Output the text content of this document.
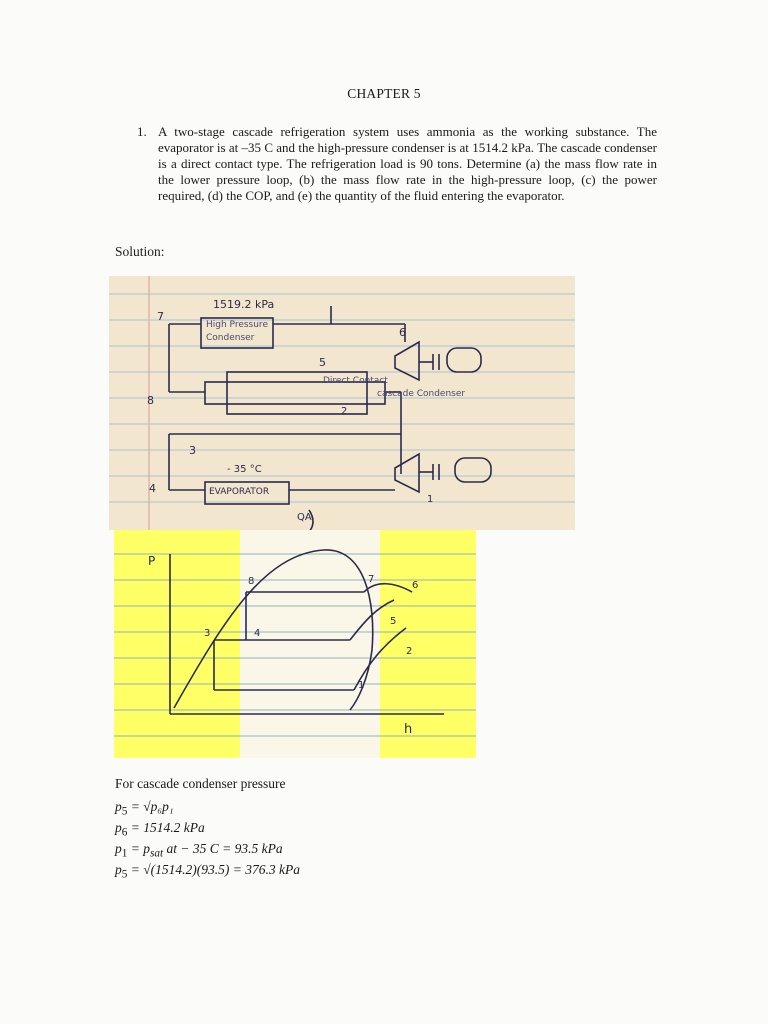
CHAPTER 5
1. A two-stage cascade refrigeration system uses ammonia as the working substance. The evaporator is at –35 C and the high-pressure condenser is at 1514.2 kPa. The cascade condenser is a direct contact type. The refrigeration load is 90 tons. Determine (a) the mass flow rate in the lower pressure loop, (b) the mass flow rate in the high-pressure loop, (c) the power required, (d) the COP, and (e) the quantity of the fluid entering the evaporator.
Solution:
1519.2 kPa
High Pressure
Condenser
Direct Contact
cascade Condenser
- 35 °C
EVAPORATOR
QA
7
6
5
8
2
3
4
1
P
h
8	7
6
5
2
3	4
1
For cascade condenser pressure
$p_5 = √p_6p_1$
$p_6 = 1514.2$ kPa
$p_1 = p_{sat}$ at − 35 C = 93.5 kPa
$p_5 = √(1514.2)(93.5) = 376.3$ kPa
